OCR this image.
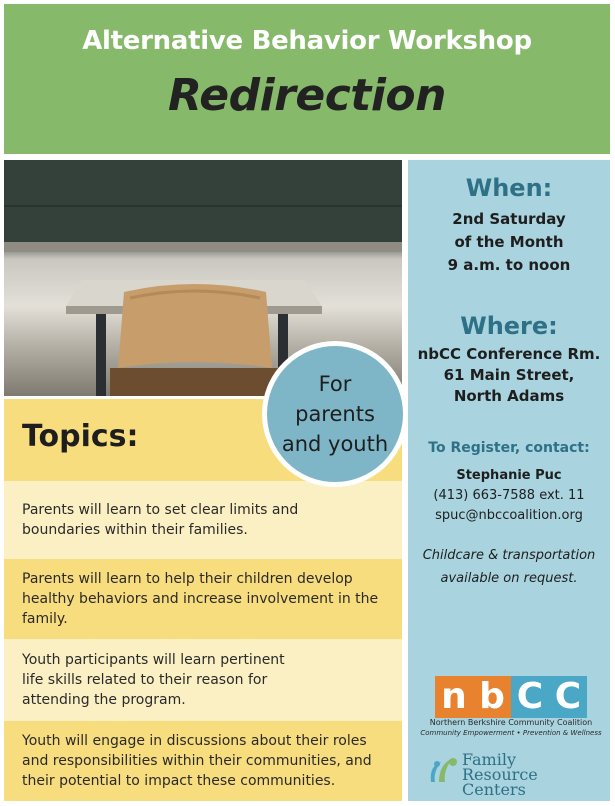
Alternative Behavior Workshop
Redirection
When:
2nd Saturday
of the Month
9 a.m. to noon
Where:
nbCC Conference Rm.
61 Main Street,
North Adams
To Register, contact:
Stephanie Puc
(413) 663-7588 ext. 11
spuc@nbccoalition.org
Childcare & transportation
available on request.
Topics:
Parents will learn to set clear limits and boundaries within their families.
Parents will learn to help their children develop healthy behaviors and increase involvement in the family.
Youth participants will learn pertinent life skills related to their reason for attending the program.
Youth will engage in discussions about their roles and responsibilities within their communities, and their potential to impact these communities.
For parents and youth
n b C C
Northern Berkshire Community Coalition
Community Empowerment • Prevention & Wellness
Family
Resource Centers
